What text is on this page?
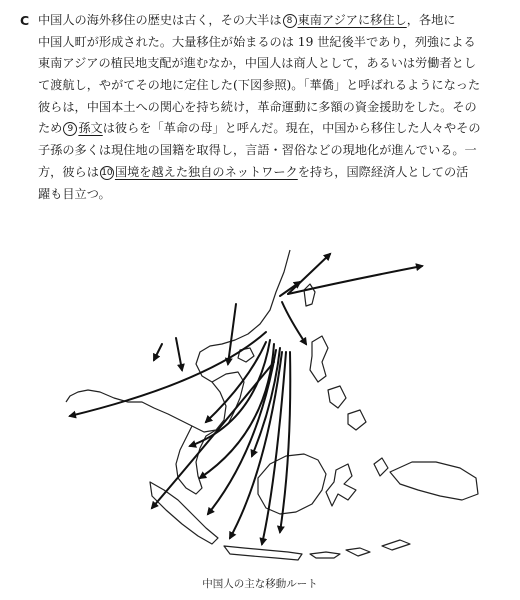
C 中国人の海外移住の歴史は古く，その大半は 8 東南アジアに移住し，各地に
中国人町が形成された。大量移住が始まるのは 19 世紀後半であり，列強による
東南アジアの植民地支配が進むなか，中国人は商人として，あるいは労働者とし
て渡航し，やがてその地に定住した(下図参照)。「華僑」と呼ばれるようになった
彼らは，中国本土への関心を持ち続け，革命運動に多額の資金援助をした。その
ため 9 孫文は彼らを「革命の母」と呼んだ。現在，中国から移住した人々やその
子孫の多くは現住地の国籍を取得し，言語・習俗などの現地化が進んでいる。一
方，彼らは 10 国境を越えた独自のネットワークを持ち，国際経済人としての活
躍も目立つ。
中国人の主な移動ルート
